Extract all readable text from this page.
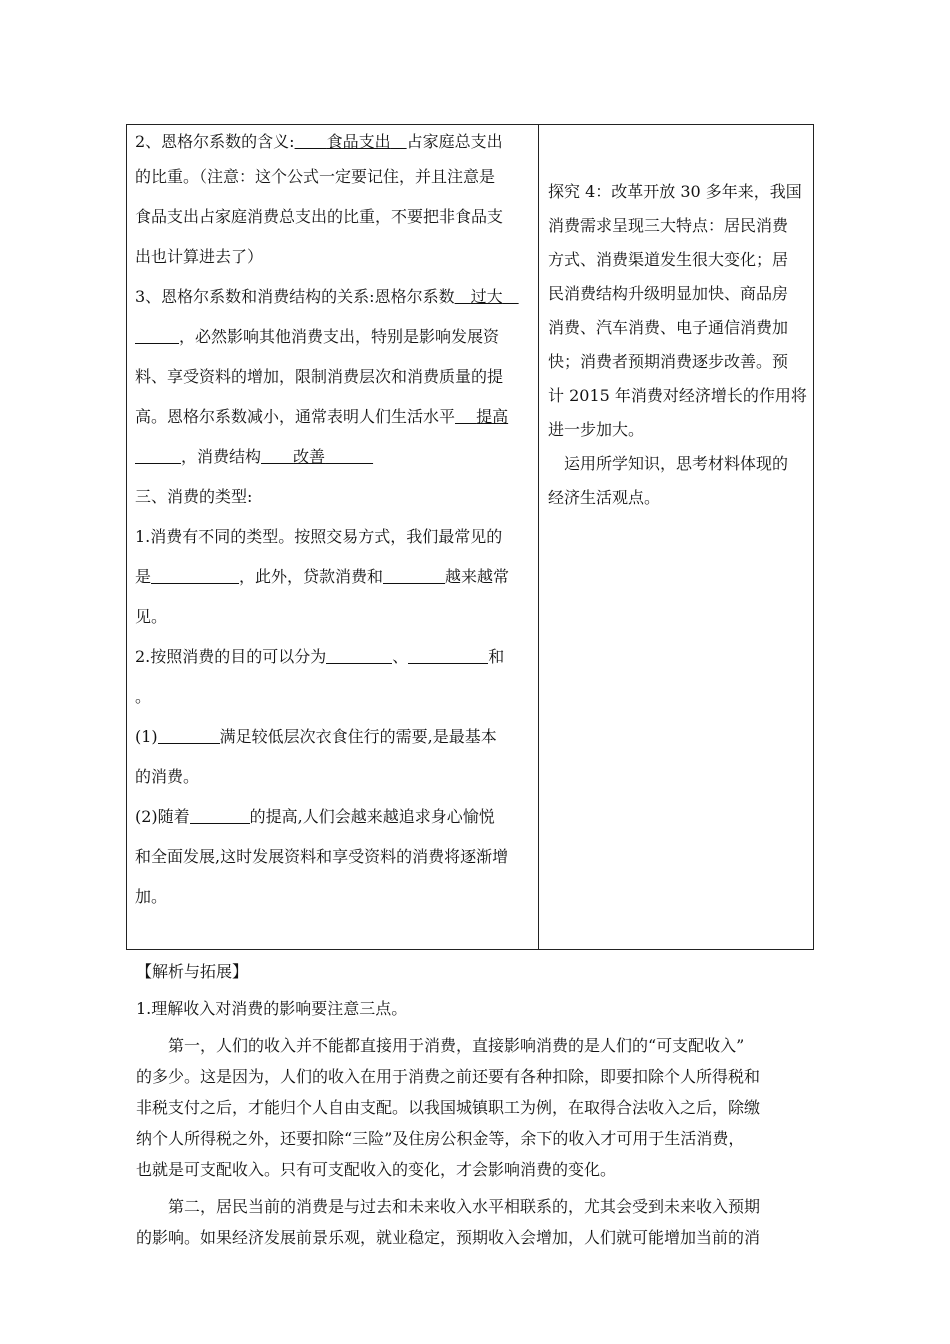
2、恩格尔系数的含义:　　 食品支出　 占家庭总支出
的比重。（注意：这个公式一定要记住，并且注意是
食品支出占家庭消费总支出的比重，不要把非食品支
出也计算进去了）
3、恩格尔系数和消费结构的关系:恩格尔系数　 过大　
，必然影响其他消费支出，特别是影响发展资
料、享受资料的增加，限制消费层次和消费质量的提
高。恩格尔系数减小，通常表明人们生活水平　 提高
，消费结构　　 改善　　　
三、消费的类型:
1.消费有不同的类型。按照交易方式，我们最常见的
是	，此外，贷款消费和	越来越常
见。
2.按照消费的目的可以分为	、	和
。
(1)	满足较低层次衣食住行的需要,是最基本
的消费。
(2)随着	的提高,人们会越来越追求身心愉悦
和全面发展,这时发展资料和享受资料的消费将逐渐增
加。
探究 4：改革开放 30 多年来，我国
消费需求呈现三大特点：居民消费
方式、消费渠道发生很大变化；居
民消费结构升级明显加快、商品房
消费、汽车消费、电子通信消费加
快；消费者预期消费逐步改善。预
计 2015 年消费对经济增长的作用将
进一步加大。
　运用所学知识，思考材料体现的
经济生活观点。
【解析与拓展】
1.理解收入对消费的影响要注意三点。
　　第一，人们的收入并不能都直接用于消费，直接影响消费的是人们的“可支配收入”
的多少。这是因为，人们的收入在用于消费之前还要有各种扣除，即要扣除个人所得税和
非税支付之后，才能归个人自由支配。以我国城镇职工为例，在取得合法收入之后，除缴
纳个人所得税之外，还要扣除“三险”及住房公积金等，余下的收入才可用于生活消费，
也就是可支配收入。只有可支配收入的变化，才会影响消费的变化。
　　第二，居民当前的消费是与过去和未来收入水平相联系的，尤其会受到未来收入预期
的影响。如果经济发展前景乐观，就业稳定，预期收入会增加，人们就可能增加当前的消
